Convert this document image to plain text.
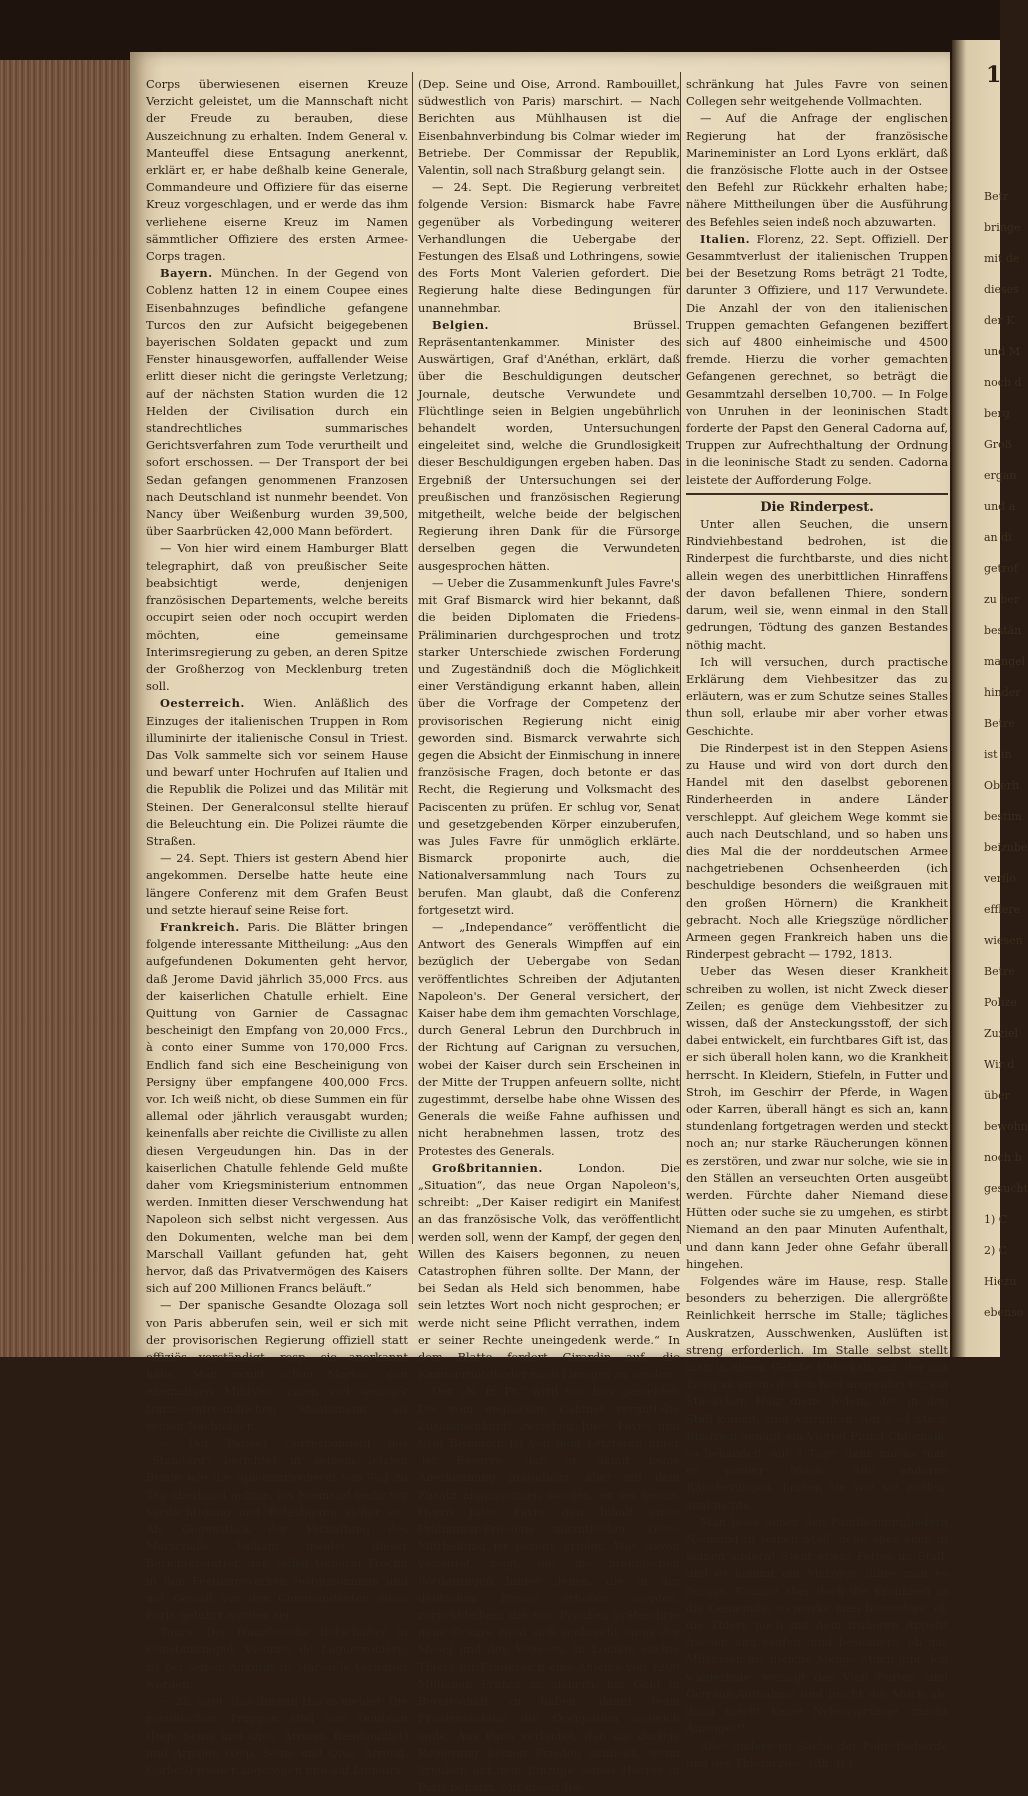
Betr
bringe
mit de
dieses
der K
und M
noch d
berg
Groß
ergan
und a
an di
getrof
zu ber
bestän
mangel
hinder
Betre
ist in
Oberh
bestim
beizube
verflo
efflere
wiesen
Betre
Polize
Zuziel
Wir d
über
bewohn
noch b
gesucht
1) C
2) C
Hiezu
ebenso
18

Corps überwiesenen eisernen Kreuze Verzicht geleistet, um die Mannschaft nicht der Freude zu berauben, diese Auszeichnung zu erhalten. Indem General v. Manteuffel diese Entsagung anerkennt, erklärt er, er habe deßhalb keine Generale, Commandeure und Offiziere für das eiserne Kreuz vorgeschlagen, und er werde das ihm verliehene eiserne Kreuz im Namen sämmtlicher Offiziere des ersten Armee-Corps tragen.

Bayern. München. In der Gegend von Coblenz hatten 12 in einem Coupee eines Eisenbahnzuges befindliche gefangene Turcos den zur Aufsicht beigegebenen bayerischen Soldaten gepackt und zum Fenster hinausgeworfen, auffallender Weise erlitt dieser nicht die geringste Verletzung; auf der nächsten Station wurden die 12 Helden der Civilisation durch ein standrechtliches summarisches Gerichtsverfahren zum Tode verurtheilt und sofort erschossen. — Der Transport der bei Sedan gefangen genommenen Franzosen nach Deutschland ist nunmehr beendet. Von Nancy über Weißenburg wurden 39,500, über Saarbrücken 42,000 Mann befördert.

— Von hier wird einem Hamburger Blatt telegraphirt, daß von preußischer Seite beabsichtigt werde, denjenigen französischen Departements, welche bereits occupirt seien oder noch occupirt werden möchten, eine gemeinsame Interimsregierung zu geben, an deren Spitze der Großherzog von Mecklenburg treten soll.

Oesterreich. Wien. Anläßlich des Einzuges der italienischen Truppen in Rom illuminirte der italienische Consul in Triest. Das Volk sammelte sich vor seinem Hause und bewarf unter Hochrufen auf Italien und die Republik die Polizei und das Militär mit Steinen. Der Generalconsul stellte hierauf die Beleuchtung ein. Die Polizei räumte die Straßen.

— 24. Sept. Thiers ist gestern Abend hier angekommen. Derselbe hatte heute eine längere Conferenz mit dem Grafen Beust und setzte hierauf seine Reise fort.

Frankreich. Paris. Die Blätter bringen folgende interessante Mittheilung: „Aus den aufgefundenen Dokumenten geht hervor, daß Jerome David jährlich 35,000 Frcs. aus der kaiserlichen Chatulle erhielt. Eine Quittung von Garnier de Cassagnac bescheinigt den Empfang von 20,000 Frcs., à conto einer Summe von 170,000 Frcs. Endlich fand sich eine Bescheinigung von Persigny über empfangene 400,000 Frcs. vor. Ich weiß nicht, ob diese Summen ein für allemal oder jährlich verausgabt wurden; keinenfalls aber reichte die Civilliste zu allen diesen Vergeudungen hin. Das in der kaiserlichen Chatulle fehlende Geld mußte daher vom Kriegsministerium entnommen werden. Inmitten dieser Verschwendung hat Napoleon sich selbst nicht vergessen. Aus den Dokumenten, welche man bei dem Marschall Vaillant gefunden hat, geht hervor, daß das Privatvermögen des Kaisers sich auf 200 Millionen Francs beläuft.“

— Der spanische Gesandte Olozaga soll von Paris abberufen sein, weil er sich mit der provisorischen Regierung offiziell statt offiziös verständigt, resp. sie anerkannt habe. Man nennt schon Martos, den ehemaligen Minister, einen viel weniger franzosenfreundlichen Staatsmann, als seinen Nachfolger.

— Der Pariser Correspondent des „Standard“ berichtet in seinem letzten Briefe wie die Spionenriecherei von Tag zu Tag überhand nehme, bis Niemand mehr vor Verdächtigung und Belästigung sicher sei. Als Gegenstück der Verhaftung des Marschalls Vaillant meldet dieser Berichterstatter, daß selbst General Trochu in den Festungswerken festgenommen und mit Gewalt vor den Commandanten eines Forts geführt worden sei.

Tours. Der französische Botschafter in Constantinopel, Vicomte de Laguerronière, ist bei seiner Ankunft in Marseille verhaftet worden.

— 23. Sept. Das Bureau Havas meldet: Die preußischen Truppen sind aus Dourdan (Dep. Seine und Oise, Arrond. Rambouillet) und Arpajon (Dep. Seine und Oise, Arrond. Corbeil) wieder abgezogen und auf Limours

(Dep. Seine und Oise, Arrond. Rambouillet, südwestlich von Paris) marschirt. — Nach Berichten aus Mühlhausen ist die Eisenbahnverbindung bis Colmar wieder im Betriebe. Der Commissar der Republik, Valentin, soll nach Straßburg gelangt sein.

— 24. Sept. Die Regierung verbreitet folgende Version: Bismarck habe Favre gegenüber als Vorbedingung weiterer Verhandlungen die Uebergabe der Festungen des Elsaß und Lothringens, sowie des Forts Mont Valerien gefordert. Die Regierung halte diese Bedingungen für unannehmbar.

Belgien.	Brüssel. Repräsentantenkammer. Minister des Auswärtigen, Graf d'Anéthan, erklärt, daß über die Beschuldigungen deutscher Journale, deutsche Verwundete und Flüchtlinge seien in Belgien ungebührlich behandelt worden, Untersuchungen eingeleitet sind, welche die Grundlosigkeit dieser Beschuldigungen ergeben haben. Das Ergebniß der Untersuchungen sei der preußischen und französischen Regierung mitgetheilt, welche beide der belgischen Regierung ihren Dank für die Fürsorge derselben gegen die Verwundeten ausgesprochen hätten.

— Ueber die Zusammenkunft Jules Favre's mit Graf Bismarck wird hier bekannt, daß die beiden Diplomaten die Friedens-Präliminarien durchgesprochen und trotz starker Unterschiede zwischen Forderung und Zugeständniß doch die Möglichkeit einer Verständigung erkannt haben, allein über die Vorfrage der Competenz der provisorischen Regierung nicht einig geworden sind. Bismarck verwahrte sich gegen die Absicht der Einmischung in innere französische Fragen, doch betonte er das Recht, die Regierung und Volksmacht des Paciscenten zu prüfen. Er schlug vor, Senat und gesetzgebenden Körper einzuberufen, was Jules Favre für unmöglich erklärte. Bismarck proponirte auch, die Nationalversammlung nach Tours zu berufen. Man glaubt, daß die Conferenz fortgesetzt wird.

— „Independance“ veröffentlicht die Antwort des Generals Wimpffen auf ein bezüglich der Uebergabe von Sedan veröffentlichtes Schreiben der Adjutanten Napoleon's. Der General versichert, der Kaiser habe dem ihm gemachten Vorschlage, durch General Lebrun den Durchbruch in der Richtung auf Carignan zu versuchen, wobei der Kaiser durch sein Erscheinen in der Mitte der Truppen anfeuern sollte, nicht zugestimmt, derselbe habe ohne Wissen des Generals die weiße Fahne aufhissen und nicht herabnehmen lassen, trotz des Protestes des Generals.

Großbritannien.	London. Die „Situation“, das neue Organ Napoleon's, schreibt: „Der Kaiser redigirt ein Manifest an das französische Volk, das veröffentlicht werden soll, wenn der Kampf, der gegen den Willen des Kaisers begonnen, zu neuen Catastrophen führen sollte. Der Mann, der bei Sedan als Held sich benommen, habe sein letztes Wort noch nicht gesprochen; er werde nicht seine Pflicht verrathen, indem er seiner Rechte uneingedenk werde.“ In dem Blatte fordert Girardin auf, die Kammermitglieder nach Limoges zu senden.

Der „N. fr. Pr.“ wird von hier gemeldet: Die vom englischen Cabinet vermittelte Zusammenkunft zwischen Jules Favre und Graf Bismarck ist von dem Letzteren unter der Reserve, daß er damit keine Anerkennung präjudicirt, aber mit dem Zusatz angenommen worden, er sei bereit, Herrn Jules Favre den Inhalt eines Präliminar-Friedens mitzutheilen. Diese Mittheilung ist bereits erfolgt. Was davon verlautet, zeigt, daß die preußischen Forderungen hinter denen, die in der deutschen Presse erhoben worden, zurückbleiben; die von Preußen prätendirte neue Gränze zieht sich senkrecht längs der Mosel und den Vogesen. In London suchte Thiers für Frankreich eine Anleihe von 1200 Millionen Francs zu sichern, um Geld in Bereitschaft zu haben, damit beim Friedensschluß die Occupation sogleich ende. Aus Paris verlautet, daß die dortige Regierung keinen Frieden schließt, wenn Preußen auf dem Einzuge seines Heeres in Paris beharrt. Mit dieser Be-

schränkung hat Jules Favre von seinen Collegen sehr weitgehende Vollmachten.

— Auf die Anfrage der englischen Regierung hat der französische Marineminister an Lord Lyons erklärt, daß die französische Flotte auch in der Ostsee den Befehl zur Rückkehr erhalten habe; nähere Mittheilungen über die Ausführung des Befehles seien indeß noch abzuwarten.

Italien. Florenz, 22. Sept. Offiziell. Der Gesammtverlust der italienischen Truppen bei der Besetzung Roms beträgt 21 Todte, darunter 3 Offiziere, und 117 Verwundete. Die Anzahl der von den italienischen Truppen gemachten Gefangenen beziffert sich auf 4800 einheimische und 4500 fremde. Hierzu die vorher gemachten Gefangenen gerechnet, so beträgt die Gesammtzahl derselben 10,700. — In Folge von Unruhen in der leoninischen Stadt forderte der Papst den General Cadorna auf, Truppen zur Aufrechthaltung der Ordnung in die leoninische Stadt zu senden. Cadorna leistete der Aufforderung Folge.

Die Rinderpest.

Unter allen Seuchen, die unsern Rindviehbestand bedrohen, ist die Rinderpest die furchtbarste, und dies nicht allein wegen des unerbittlichen Hinraffens der davon befallenen Thiere, sondern darum, weil sie, wenn einmal in den Stall gedrungen, Tödtung des ganzen Bestandes nöthig macht.

Ich will versuchen, durch practische Erklärung dem Viehbesitzer das zu erläutern, was er zum Schutze seines Stalles thun soll, erlaube mir aber vorher etwas Geschichte.

Die Rinderpest ist in den Steppen Asiens zu Hause und wird von dort durch den Handel mit den daselbst geborenen Rinderheerden in andere Länder verschleppt. Auf gleichem Wege kommt sie auch nach Deutschland, und so haben uns dies Mal die der norddeutschen Armee nachgetriebenen Ochsenheerden (ich beschuldige besonders die weißgrauen mit den großen Hörnern) die Krankheit gebracht. Noch alle Kriegszüge nördlicher Armeen gegen Frankreich haben uns die Rinderpest gebracht — 1792, 1813.

Ueber das Wesen dieser Krankheit schreiben zu wollen, ist nicht Zweck dieser Zeilen; es genüge dem Viehbesitzer zu wissen, daß der Ansteckungsstoff, der sich dabei entwickelt, ein furchtbares Gift ist, das er sich überall holen kann, wo die Krankheit herrscht. In Kleidern, Stiefeln, in Futter und Stroh, im Geschirr der Pferde, in Wagen oder Karren, überall hängt es sich an, kann stundenlang fortgetragen werden und steckt noch an; nur starke Räucherungen können es zerstören, und zwar nur solche, wie sie in den Ställen an verseuchten Orten ausgeübt werden. Fürchte daher Niemand diese Hütten oder suche sie zu umgehen, es stirbt Niemand an den paar Minuten Aufenthalt, und dann kann Jeder ohne Gefahr überall hingehen.

Folgendes wäre im Hause, resp. Stalle besonders zu beherzigen. Die allergrößte Reinlichkeit herrsche im Stalle; tägliches Auskratzen, Ausschwenken, Auslüften ist streng erforderlich. Im Stalle selbst stellt man in einem Gefäße Chlorkalk auf, der mit Essig zu einem dicken Brei angerührt ist; ein Stückchen Holz diene Jedem, der in den Stall kommt, zum Aufrühren. Auf 2—4 Stück Rindvieh genügt ein Viertel Pfund Chlorkalk, so behandelt, auf 3 Tage; dann mache man es wieder frisch. Alle anderen Räucherungen, heißen sie wie sie wollen, sind nichts.

Man lasse außer den Familienmitgliedern Niemand in seinen Stall, gehe aber auch in keinen andern! Steht etwas Fettes im Stall, und es kommt ein Metzger, führe man es heraus. Komme aber doch die Krankheit in die Gemeinde, so merke man besonders: ob die Thiere noch mit dem früheren Appetit fressen und saufen, und besonders, ob das Milchvieh die gleiche Menge Milch gibt. Ich wiederhole: versagt das Vieh Futter- und Getränk-Aufnahme und bricht die Milch ab, dann macht keine Nebensprünge, macht Anzeige!!!

Alles andere ist Sache der Polizeibehörde und des Thierarztes. (Rh. B.)
